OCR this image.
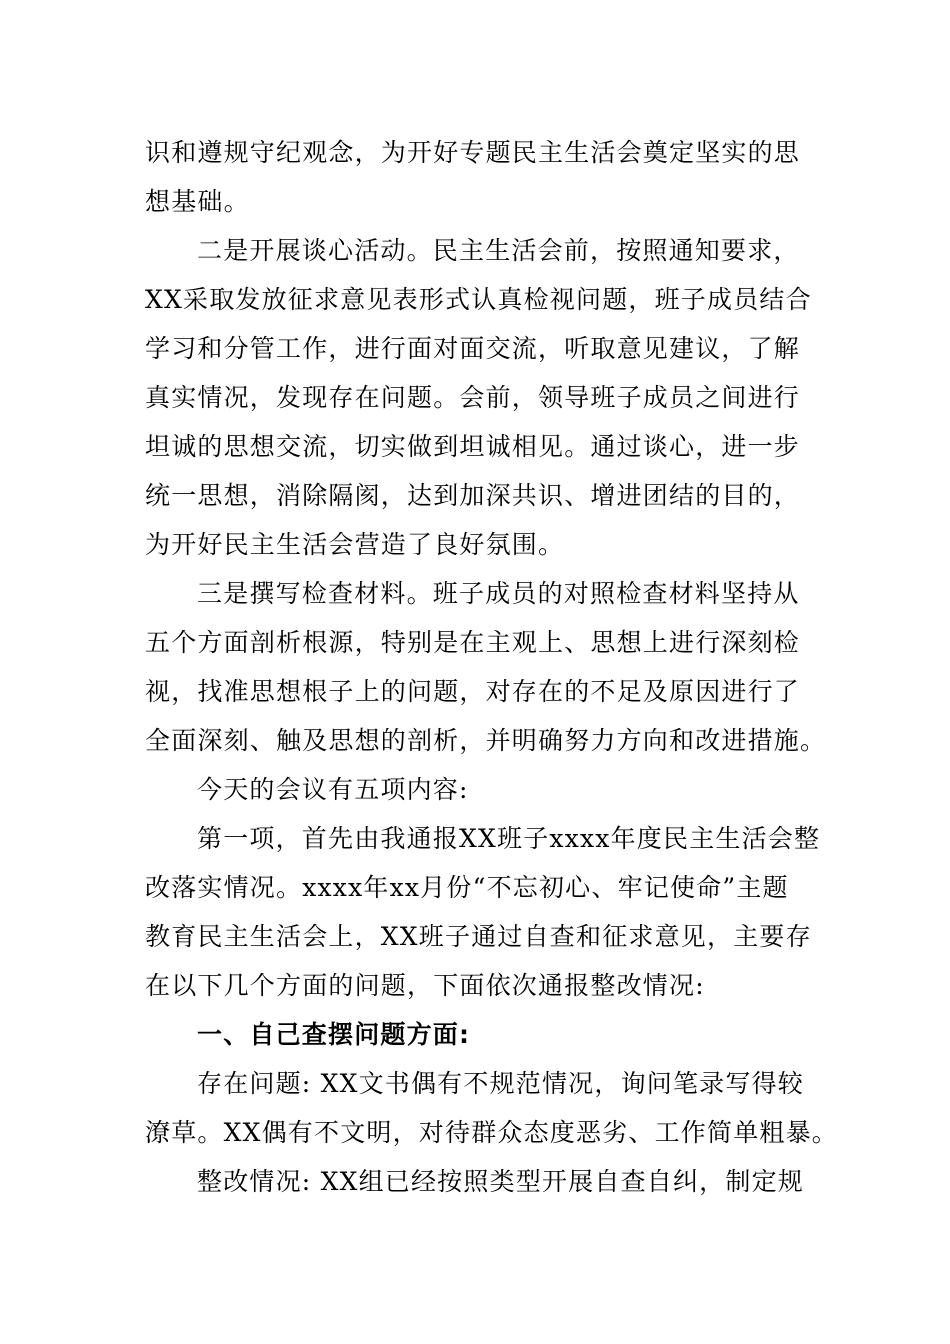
识和遵规守纪观念，为开好专题民主生活会奠定坚实的思
想基础。
二是开展谈心活动。民主生活会前，按照通知要求，
XX采取发放征求意见表形式认真检视问题，班子成员结合
学习和分管工作，进行面对面交流，听取意见建议，了解
真实情况，发现存在问题。会前，领导班子成员之间进行
坦诚的思想交流，切实做到坦诚相见。通过谈心，进一步
统一思想，消除隔阂，达到加深共识、增进团结的目的，
为开好民主生活会营造了良好氛围。
三是撰写检查材料。班子成员的对照检查材料坚持从
五个方面剖析根源，特别是在主观上、思想上进行深刻检
视，找准思想根子上的问题，对存在的不足及原因进行了
全面深刻、触及思想的剖析，并明确努力方向和改进措施。
今天的会议有五项内容:
第一项，首先由我通报XX班子xxxx年度民主生活会整
改落实情况。xxxx年xx月份“不忘初心、牢记使命”主题
教育民主生活会上，XX班子通过自查和征求意见，主要存
在以下几个方面的问题，下面依次通报整改情况:
一、自己查摆问题方面:
存在问题: XX文书偶有不规范情况，询问笔录写得较
潦草。XX偶有不文明，对待群众态度恶劣、工作简单粗暴。
整改情况: XX组已经按照类型开展自查自纠，制定规
